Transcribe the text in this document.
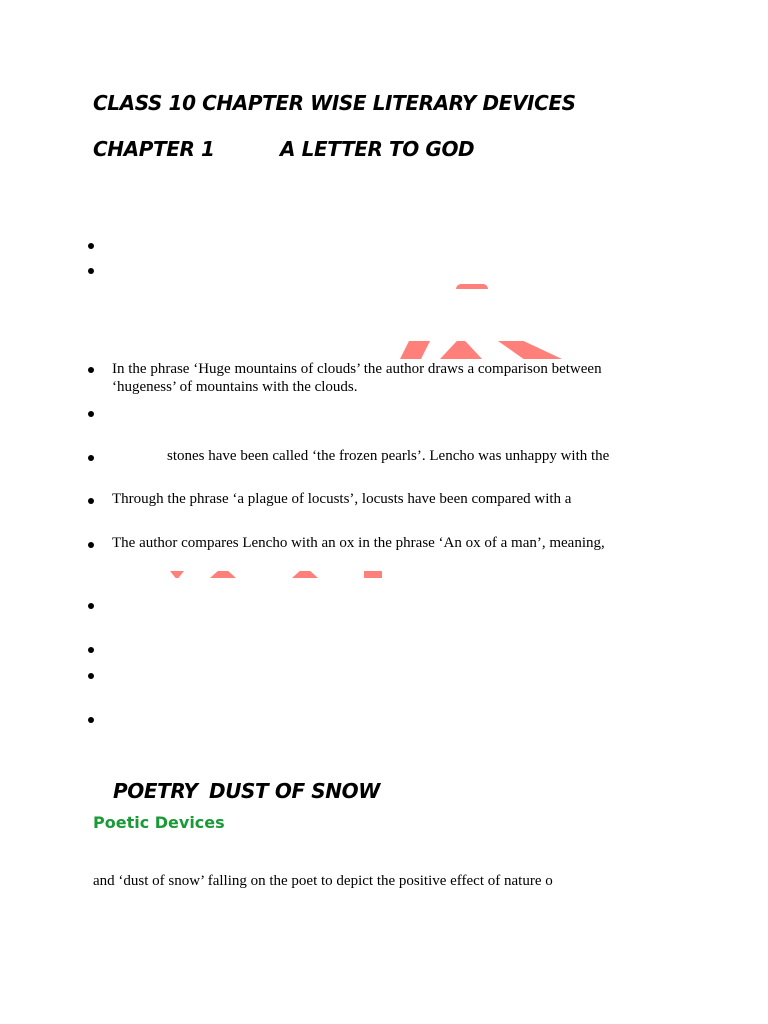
CLASS 10 CHAPTER WISE LITERARY DEVICES
CHAPTER 1	A LETTER TO GOD
In the phrase ‘Huge mountains of clouds’ the author draws a comparison between
‘hugeness’ of mountains with the clouds.
stones have been called ‘the frozen pearls’. Lencho was unhappy with the
Through the phrase ‘a plague of locusts’, locusts have been compared with a
The author compares Lencho with an ox in the phrase ‘An ox of a man’, meaning,
POETRY DUST OF SNOW
Poetic Devices
and ‘dust of snow’ falling on the poet to depict the positive effect of nature o
